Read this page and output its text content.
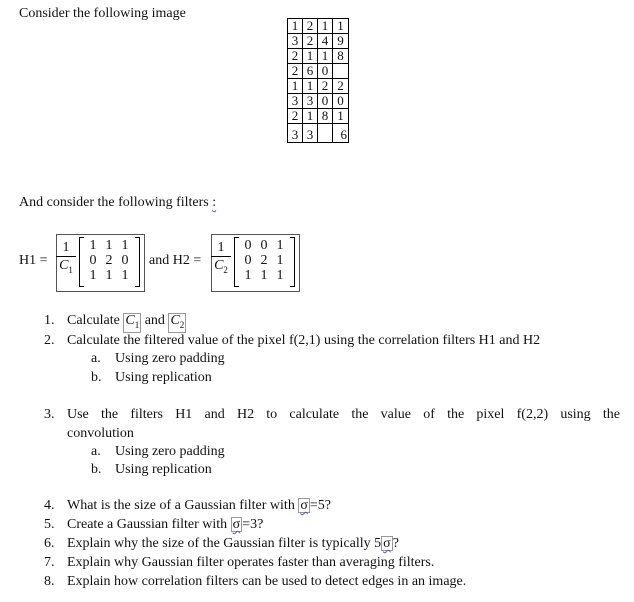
Consider the following image
1	2	1	1
3	2	4	9
2	1	1	8
2	6	0	
1	1	2	2
3	3	0	0
2	1	8	1
3	3		6
And consider the following filters :
H1 =
1
$C_1$
1	1	1
0	2	0
1	1	1
and H2 =
1
$C_2$
0	0	1
0	2	1
1	1	1
1. Calculate $C_1$ and $C_2$
2. Calculate the filtered value of the pixel f(2,1) using the correlation filters H1 and H2
a. Using zero padding
b. Using replication
3. Use the filters H1 and H2 to calculate the value of the pixel f(2,2) using the
convolution
a. Using zero padding
b. Using replication
4. What is the size of a Gaussian filter with σ =5?
5. Create a Gaussian filter with σ =3?
6. Explain why the size of the Gaussian filter is typically 5 σ ?
7. Explain why Gaussian filter operates faster than averaging filters.
8. Explain how correlation filters can be used to detect edges in an image.
